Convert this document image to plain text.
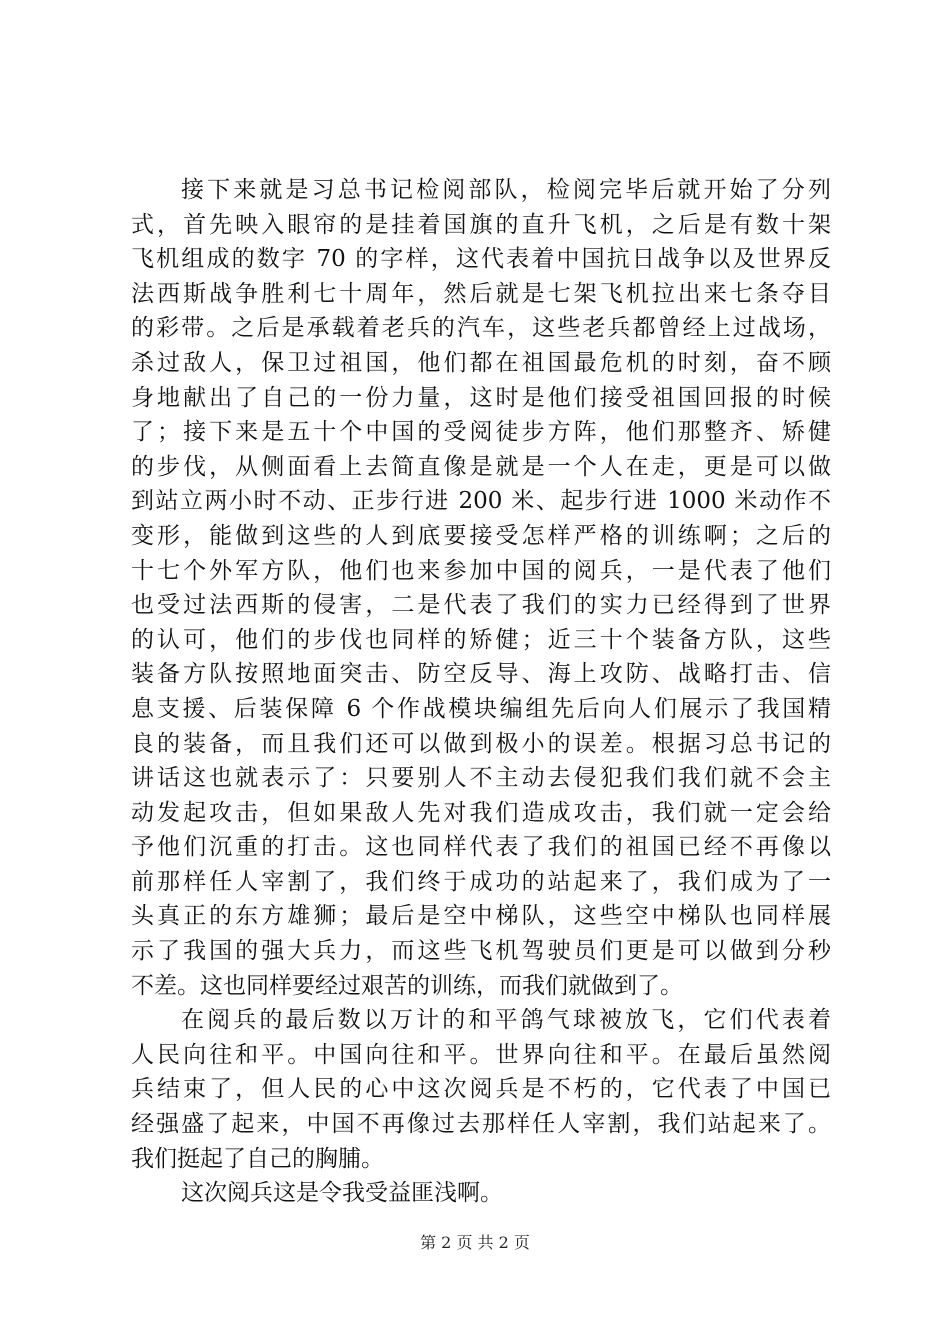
接下来就是习总书记检阅部队，检阅完毕后就开始了分列
式，首先映入眼帘的是挂着国旗的直升飞机，之后是有数十架
飞机组成的数字 70 的字样，这代表着中国抗日战争以及世界反
法西斯战争胜利七十周年，然后就是七架飞机拉出来七条夺目
的彩带。之后是承载着老兵的汽车，这些老兵都曾经上过战场，
杀过敌人，保卫过祖国，他们都在祖国最危机的时刻，奋不顾
身地献出了自己的一份力量，这时是他们接受祖国回报的时候
了；接下来是五十个中国的受阅徒步方阵，他们那整齐、矫健
的步伐，从侧面看上去简直像是就是一个人在走，更是可以做
到站立两小时不动、正步行进 200 米、起步行进 1000 米动作不
变形，能做到这些的人到底要接受怎样严格的训练啊；之后的
十七个外军方队，他们也来参加中国的阅兵，一是代表了他们
也受过法西斯的侵害，二是代表了我们的实力已经得到了世界
的认可，他们的步伐也同样的矫健；近三十个装备方队，这些
装备方队按照地面突击、防空反导、海上攻防、战略打击、信
息支援、后装保障 6 个作战模块编组先后向人们展示了我国精
良的装备，而且我们还可以做到极小的误差。根据习总书记的
讲话这也就表示了：只要别人不主动去侵犯我们我们就不会主
动发起攻击，但如果敌人先对我们造成攻击，我们就一定会给
予他们沉重的打击。这也同样代表了我们的祖国已经不再像以
前那样任人宰割了，我们终于成功的站起来了，我们成为了一
头真正的东方雄狮；最后是空中梯队，这些空中梯队也同样展
示了我国的强大兵力，而这些飞机驾驶员们更是可以做到分秒
不差。这也同样要经过艰苦的训练，而我们就做到了。
在阅兵的最后数以万计的和平鸽气球被放飞，它们代表着
人民向往和平。中国向往和平。世界向往和平。在最后虽然阅
兵结束了，但人民的心中这次阅兵是不朽的，它代表了中国已
经强盛了起来，中国不再像过去那样任人宰割，我们站起来了。
我们挺起了自己的胸脯。
这次阅兵这是令我受益匪浅啊。
第 2 页 共 2 页
